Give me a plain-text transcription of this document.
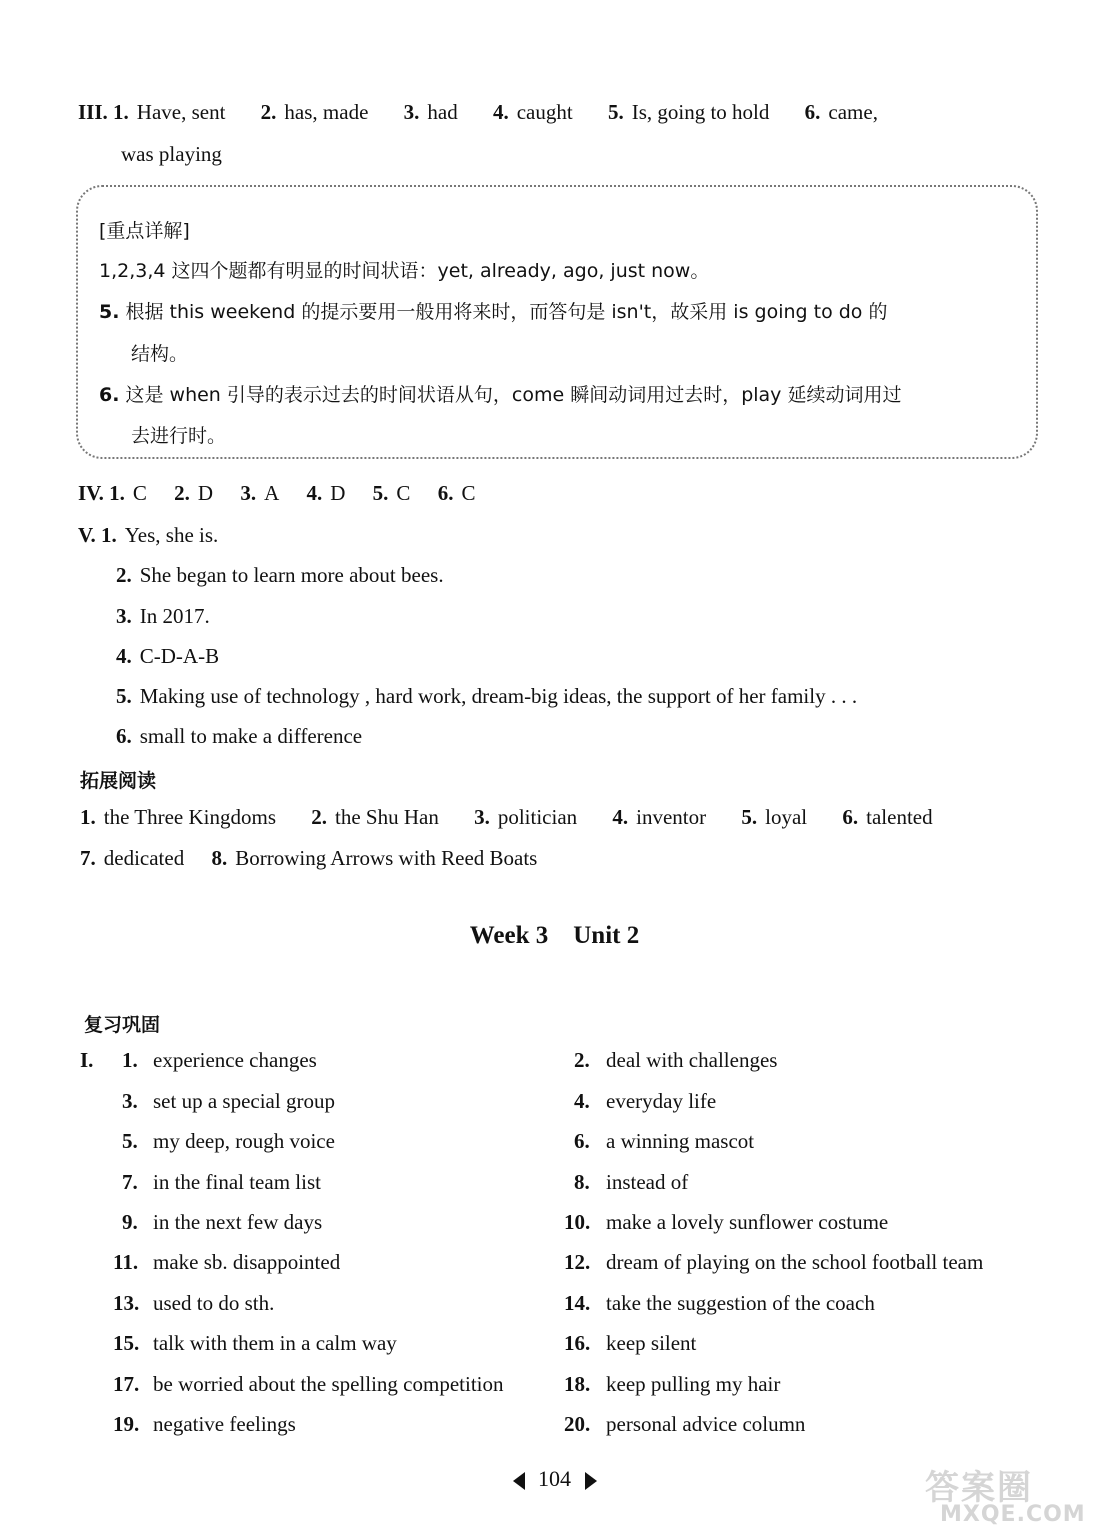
III. 1. Have, sent 2. has, made 3. had 4. caught 5. Is, going to hold 6. came,
was playing
[重点详解]
1,2,3,4 这四个题都有明显的时间状语：yet, already, ago, just now。
5. 根据 this weekend 的提示要用一般用将来时，而答句是 isn't，故采用 is going to do 的
结构。
6. 这是 when 引导的表示过去的时间状语从句，come 瞬间动词用过去时，play 延续动词用过
去进行时。
IV. 1. C 2. D 3. A 4. D 5. C 6. C
V. 1. Yes, she is.
2. She began to learn more about bees.
3. In 2017.
4. C-D-A-B
5. Making use of technology , hard work, dream-big ideas, the support of her family . . .
6. small to make a difference
拓展阅读
1. the Three Kingdoms 2. the Shu Han 3. politician 4. inventor 5. loyal 6. talented
7. dedicated 8. Borrowing Arrows with Reed Boats
Week 3    Unit 2
复习巩固
I.
104	答案圈
MXQE.COM
1. experience changes
3. set up a special group
5. my deep, rough voice
7. in the final team list
9. in the next few days
11. make sb. disappointed
13. used to do sth.
15. talk with them in a calm way
17. be worried about the spelling competition
19. negative feelings
2. deal with challenges
4. everyday life
6. a winning mascot
8. instead of
10. make a lovely sunflower costume
12. dream of playing on the school football team
14. take the suggestion of the coach
16. keep silent
18. keep pulling my hair
20. personal advice column
